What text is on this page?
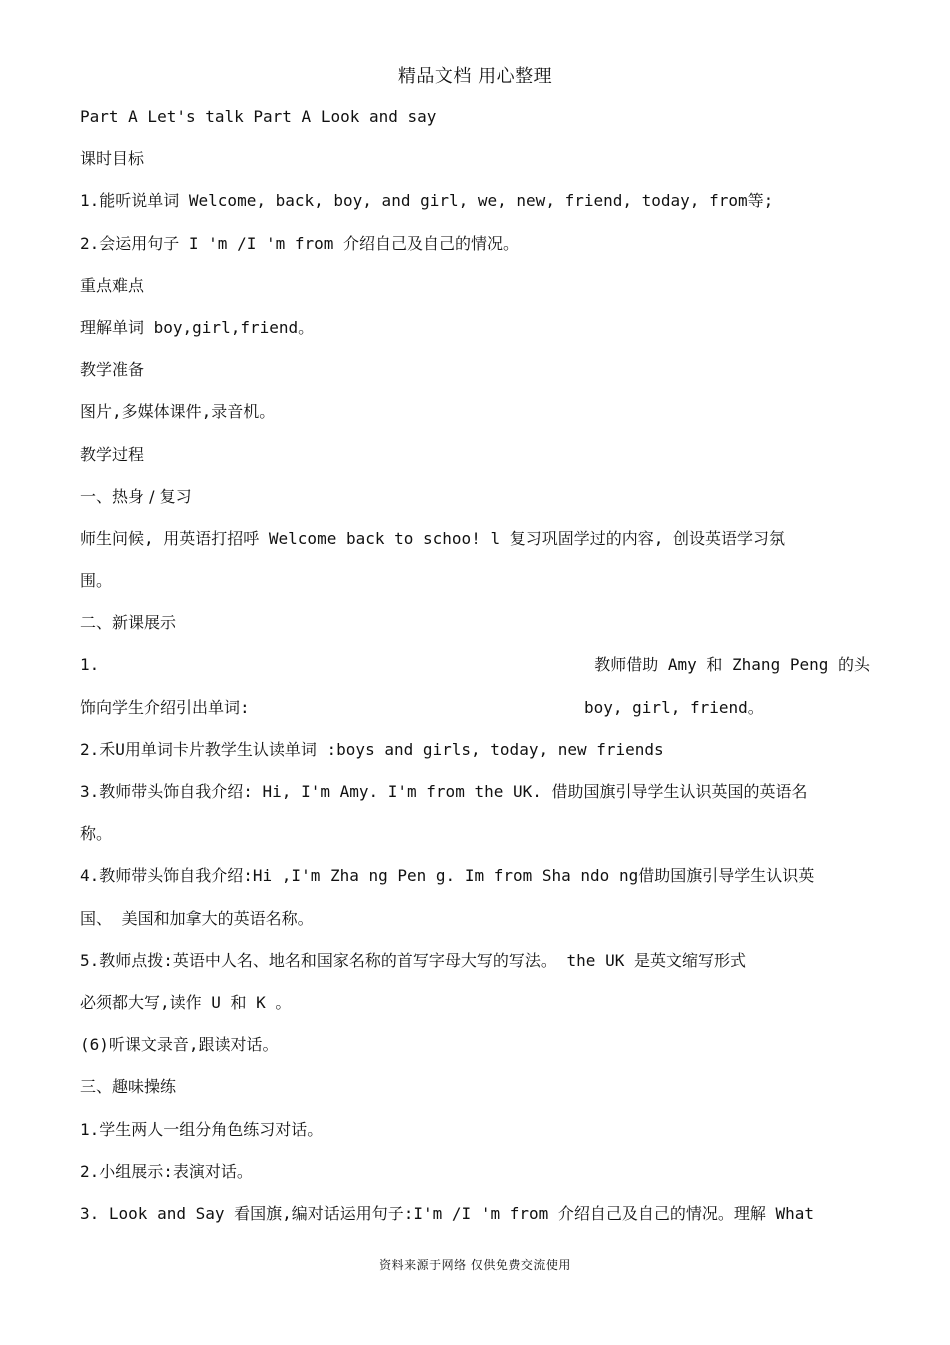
精品文档 用心整理
Part A Let's talk Part A Look and say
课时目标
1.能听说单词 Welcome, back, boy, and girl, we, new, friend, today, from等;
2.会运用句子 I 'm /I 'm from 介绍自己及自己的情况。
重点难点
理解单词 boy,girl,friend。
教学准备
图片,多媒体课件,录音机。
教学过程
一、热身 / 复习
师生问候, 用英语打招呼 Welcome back to schoo! l 复习巩固学过的内容, 创设英语学习氛
围。
二、新课展示
1.	教师借助 Amy 和 Zhang Peng 的头
饰向学生介绍引出单词:	boy, girl, friend。
2.禾U用单词卡片教学生认读单词 :boys and girls, today, new friends
3.教师带头饰自我介绍: Hi, I'm Amy. I'm from the UK. 借助国旗引导学生认识英国的英语名
称。
4.教师带头饰自我介绍:Hi ,I'm Zha ng Pen g. Im from Sha ndo ng借助国旗引导学生认识英
国、 美国和加拿大的英语名称。
5.教师点拨:英语中人名、地名和国家名称的首写字母大写的写法。 the UK 是英文缩写形式
必须都大写,读作 U 和 K 。
(6)听课文录音,跟读对话。
三、趣味操练
1.学生两人一组分角色练习对话。
2.小组展示:表演对话。
3. Look and Say 看国旗,编对话运用句子:I'm /I 'm from 介绍自己及自己的情况。理解 What
资料来源于网络 仅供免费交流使用
